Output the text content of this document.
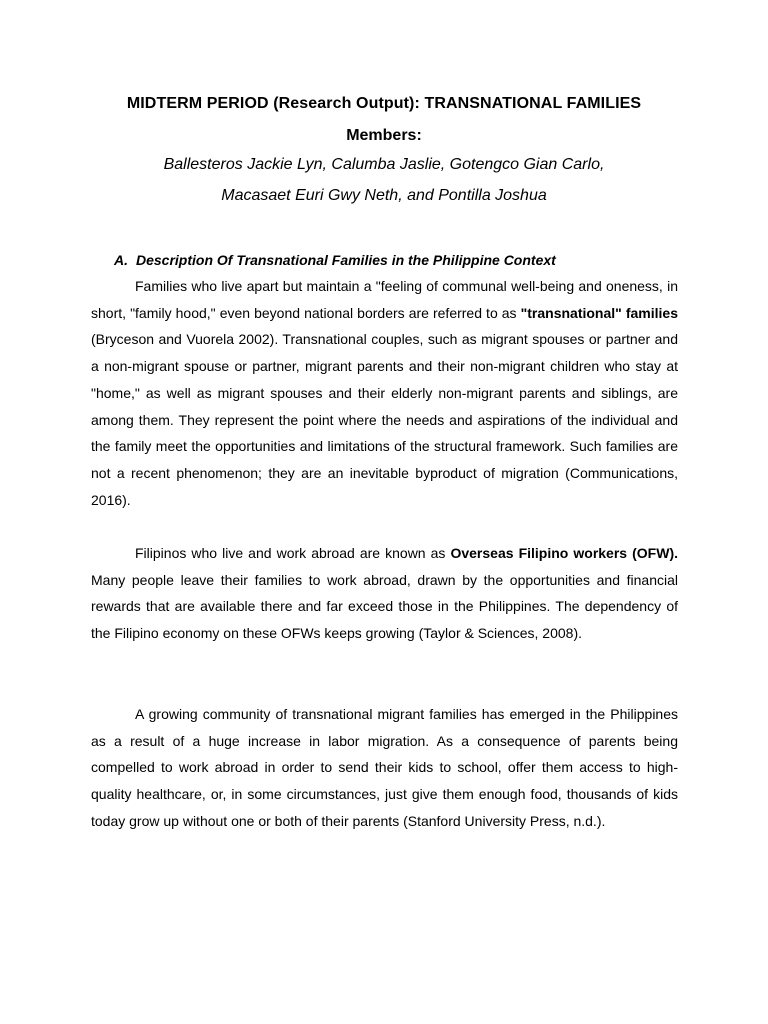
MIDTERM PERIOD (Research Output): TRANSNATIONAL FAMILIES
Members:
Ballesteros Jackie Lyn, Calumba Jaslie, Gotengco Gian Carlo,
Macasaet Euri Gwy Neth, and Pontilla Joshua
A. Description Of Transnational Families in the Philippine Context

Families who live apart but maintain a "feeling of communal well-being and oneness, in short, "family hood," even beyond national borders are referred to as "transnational" families (Bryceson and Vuorela 2002). Transnational couples, such as migrant spouses or partner and a non-migrant spouse or partner, migrant parents and their non-migrant children who stay at "home," as well as migrant spouses and their elderly non-migrant parents and siblings, are among them. They represent the point where the needs and aspirations of the individual and the family meet the opportunities and limitations of the structural framework. Such families are not a recent phenomenon; they are an inevitable byproduct of migration (Communications, 2016).

Filipinos who live and work abroad are known as Overseas Filipino workers (OFW). Many people leave their families to work abroad, drawn by the opportunities and financial rewards that are available there and far exceed those in the Philippines. The dependency of the Filipino economy on these OFWs keeps growing (Taylor & Sciences, 2008).

A growing community of transnational migrant families has emerged in the Philippines as a result of a huge increase in labor migration. As a consequence of parents being compelled to work abroad in order to send their kids to school, offer them access to high-quality healthcare, or, in some circumstances, just give them enough food, thousands of kids today grow up without one or both of their parents (Stanford University Press, n.d.).
